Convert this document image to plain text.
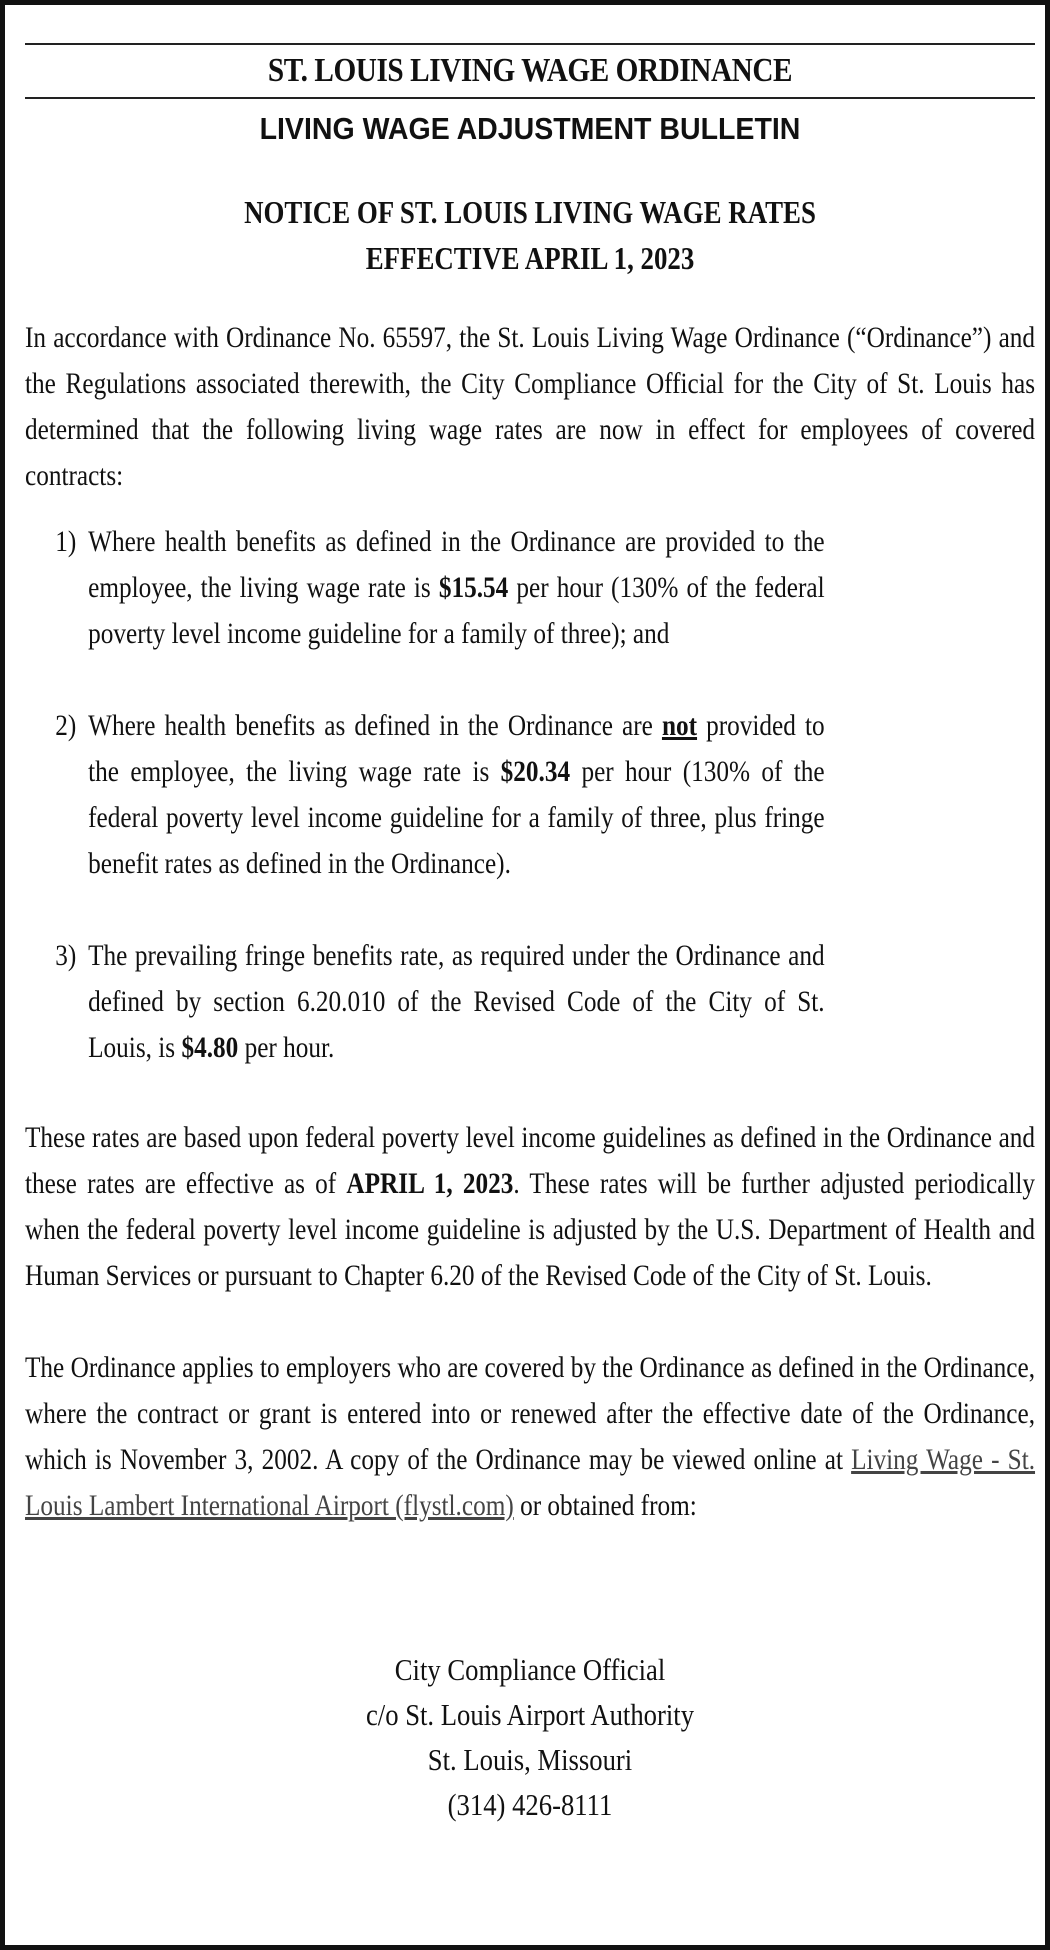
ST. LOUIS LIVING WAGE ORDINANCE
LIVING WAGE ADJUSTMENT BULLETIN
NOTICE OF ST. LOUIS LIVING WAGE RATES
EFFECTIVE APRIL 1, 2023
In accordance with Ordinance No. 65597, the St. Louis Living Wage Ordinance (“Ordinance”) and the Regulations associated therewith, the City Compliance Official for the City of St. Louis has determined that the following living wage rates are now in effect for employees of covered contracts:
1) Where health benefits as defined in the Ordinance are provided to the employee, the living wage rate is $15.54 per hour (130% of the federal poverty level income guideline for a family of three); and
2) Where health benefits as defined in the Ordinance are not provided to the employee, the living wage rate is $20.34 per hour (130% of the federal poverty level income guideline for a family of three, plus fringe benefit rates as defined in the Ordinance).
3) The prevailing fringe benefits rate, as required under the Ordinance and defined by section 6.20.010 of the Revised Code of the City of St. Louis, is $4.80 per hour.
These rates are based upon federal poverty level income guidelines as defined in the Ordinance and these rates are effective as of APRIL 1, 2023. These rates will be further adjusted periodically when the federal poverty level income guideline is adjusted by the U.S. Department of Health and Human Services or pursuant to Chapter 6.20 of the Revised Code of the City of St. Louis.
The Ordinance applies to employers who are covered by the Ordinance as defined in the Ordinance, where the contract or grant is entered into or renewed after the effective date of the Ordinance, which is November 3, 2002. A copy of the Ordinance may be viewed online at Living Wage - St. Louis Lambert International Airport (flystl.com) or obtained from:
City Compliance Official
c/o St. Louis Airport Authority
St. Louis, Missouri
(314) 426-8111
